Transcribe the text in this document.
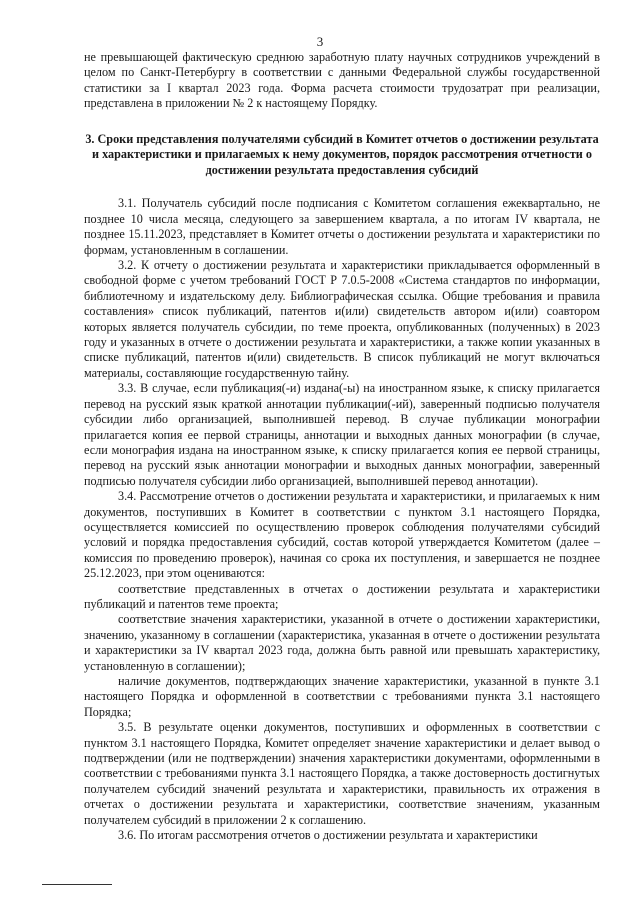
3

не превышающей фактическую среднюю заработную плату научных сотрудников учреждений в целом по Санкт-Петербургу в соответствии с данными Федеральной службы государственной статистики за I квартал 2023 года. Форма расчета стоимости трудозатрат при реализации, представлена в приложении № 2 к настоящему Порядку.

3. Сроки представления получателями субсидий в Комитет отчетов о достижении результата и характеристики и прилагаемых к нему документов, порядок рассмотрения отчетности о достижении результата предоставления субсидий

3.1. Получатель субсидий после подписания с Комитетом соглашения ежеквартально, не позднее 10 числа месяца, следующего за завершением квартала, а по итогам IV квартала, не позднее 15.11.2023, представляет в Комитет отчеты о достижении результата и характеристики по формам, установленным в соглашении.

3.2. К отчету о достижении результата и характеристики прикладывается оформленный в свободной форме с учетом требований ГОСТ Р 7.0.5-2008 «Система стандартов по информации, библиотечному и издательскому делу. Библиографическая ссылка. Общие требования и правила составления» список публикаций, патентов и(или) свидетельств автором и(или) соавтором которых является получатель субсидии, по теме проекта, опубликованных (полученных) в 2023 году и указанных в отчете о достижении результата и характеристики, а также копии указанных в списке публикаций, патентов и(или) свидетельств. В список публикаций не могут включаться материалы, составляющие государственную тайну.

3.3. В случае, если публикация(-и) издана(-ы) на иностранном языке, к списку прилагается перевод на русский язык краткой аннотации публикации(-ий), заверенный подписью получателя субсидии либо организацией, выполнившей перевод. В случае публикации монографии прилагается копия ее первой страницы, аннотации и выходных данных монографии (в случае, если монография издана на иностранном языке, к списку прилагается копия ее первой страницы, перевод на русский язык аннотации монографии и выходных данных монографии, заверенный подписью получателя субсидии либо организацией, выполнившей перевод аннотации).

3.4. Рассмотрение отчетов о достижении результата и характеристики, и прилагаемых к ним документов, поступивших в Комитет в соответствии с пунктом 3.1 настоящего Порядка, осуществляется комиссией по осуществлению проверок соблюдения получателями субсидий условий и порядка предоставления субсидий, состав которой утверждается Комитетом (далее – комиссия по проведению проверок), начиная со срока их поступления, и завершается не позднее 25.12.2023, при этом оцениваются:

соответствие представленных в отчетах о достижении результата и характеристики публикаций и патентов теме проекта;

соответствие значения характеристики, указанной в отчете о достижении характеристики, значению, указанному в соглашении (характеристика, указанная в отчете о достижении результата и характеристики за IV квартал 2023 года, должна быть равной или превышать характеристику, установленную в соглашении);

наличие документов, подтверждающих значение характеристики, указанной в пункте 3.1 настоящего Порядка и оформленной в соответствии с требованиями пункта 3.1 настоящего Порядка;

3.5. В результате оценки документов, поступивших и оформленных в соответствии с пунктом 3.1 настоящего Порядка, Комитет определяет значение характеристики и делает вывод о подтверждении (или не подтверждении) значения характеристики документами, оформленными в соответствии с требованиями пункта 3.1 настоящего Порядка, а также достоверность достигнутых получателем субсидий значений результата и характеристики, правильность их отражения в отчетах о достижении результата и характеристики, соответствие значениям, указанным получателем субсидий в приложении 2 к соглашению.

3.6. По итогам рассмотрения отчетов о достижении результата и характеристики
